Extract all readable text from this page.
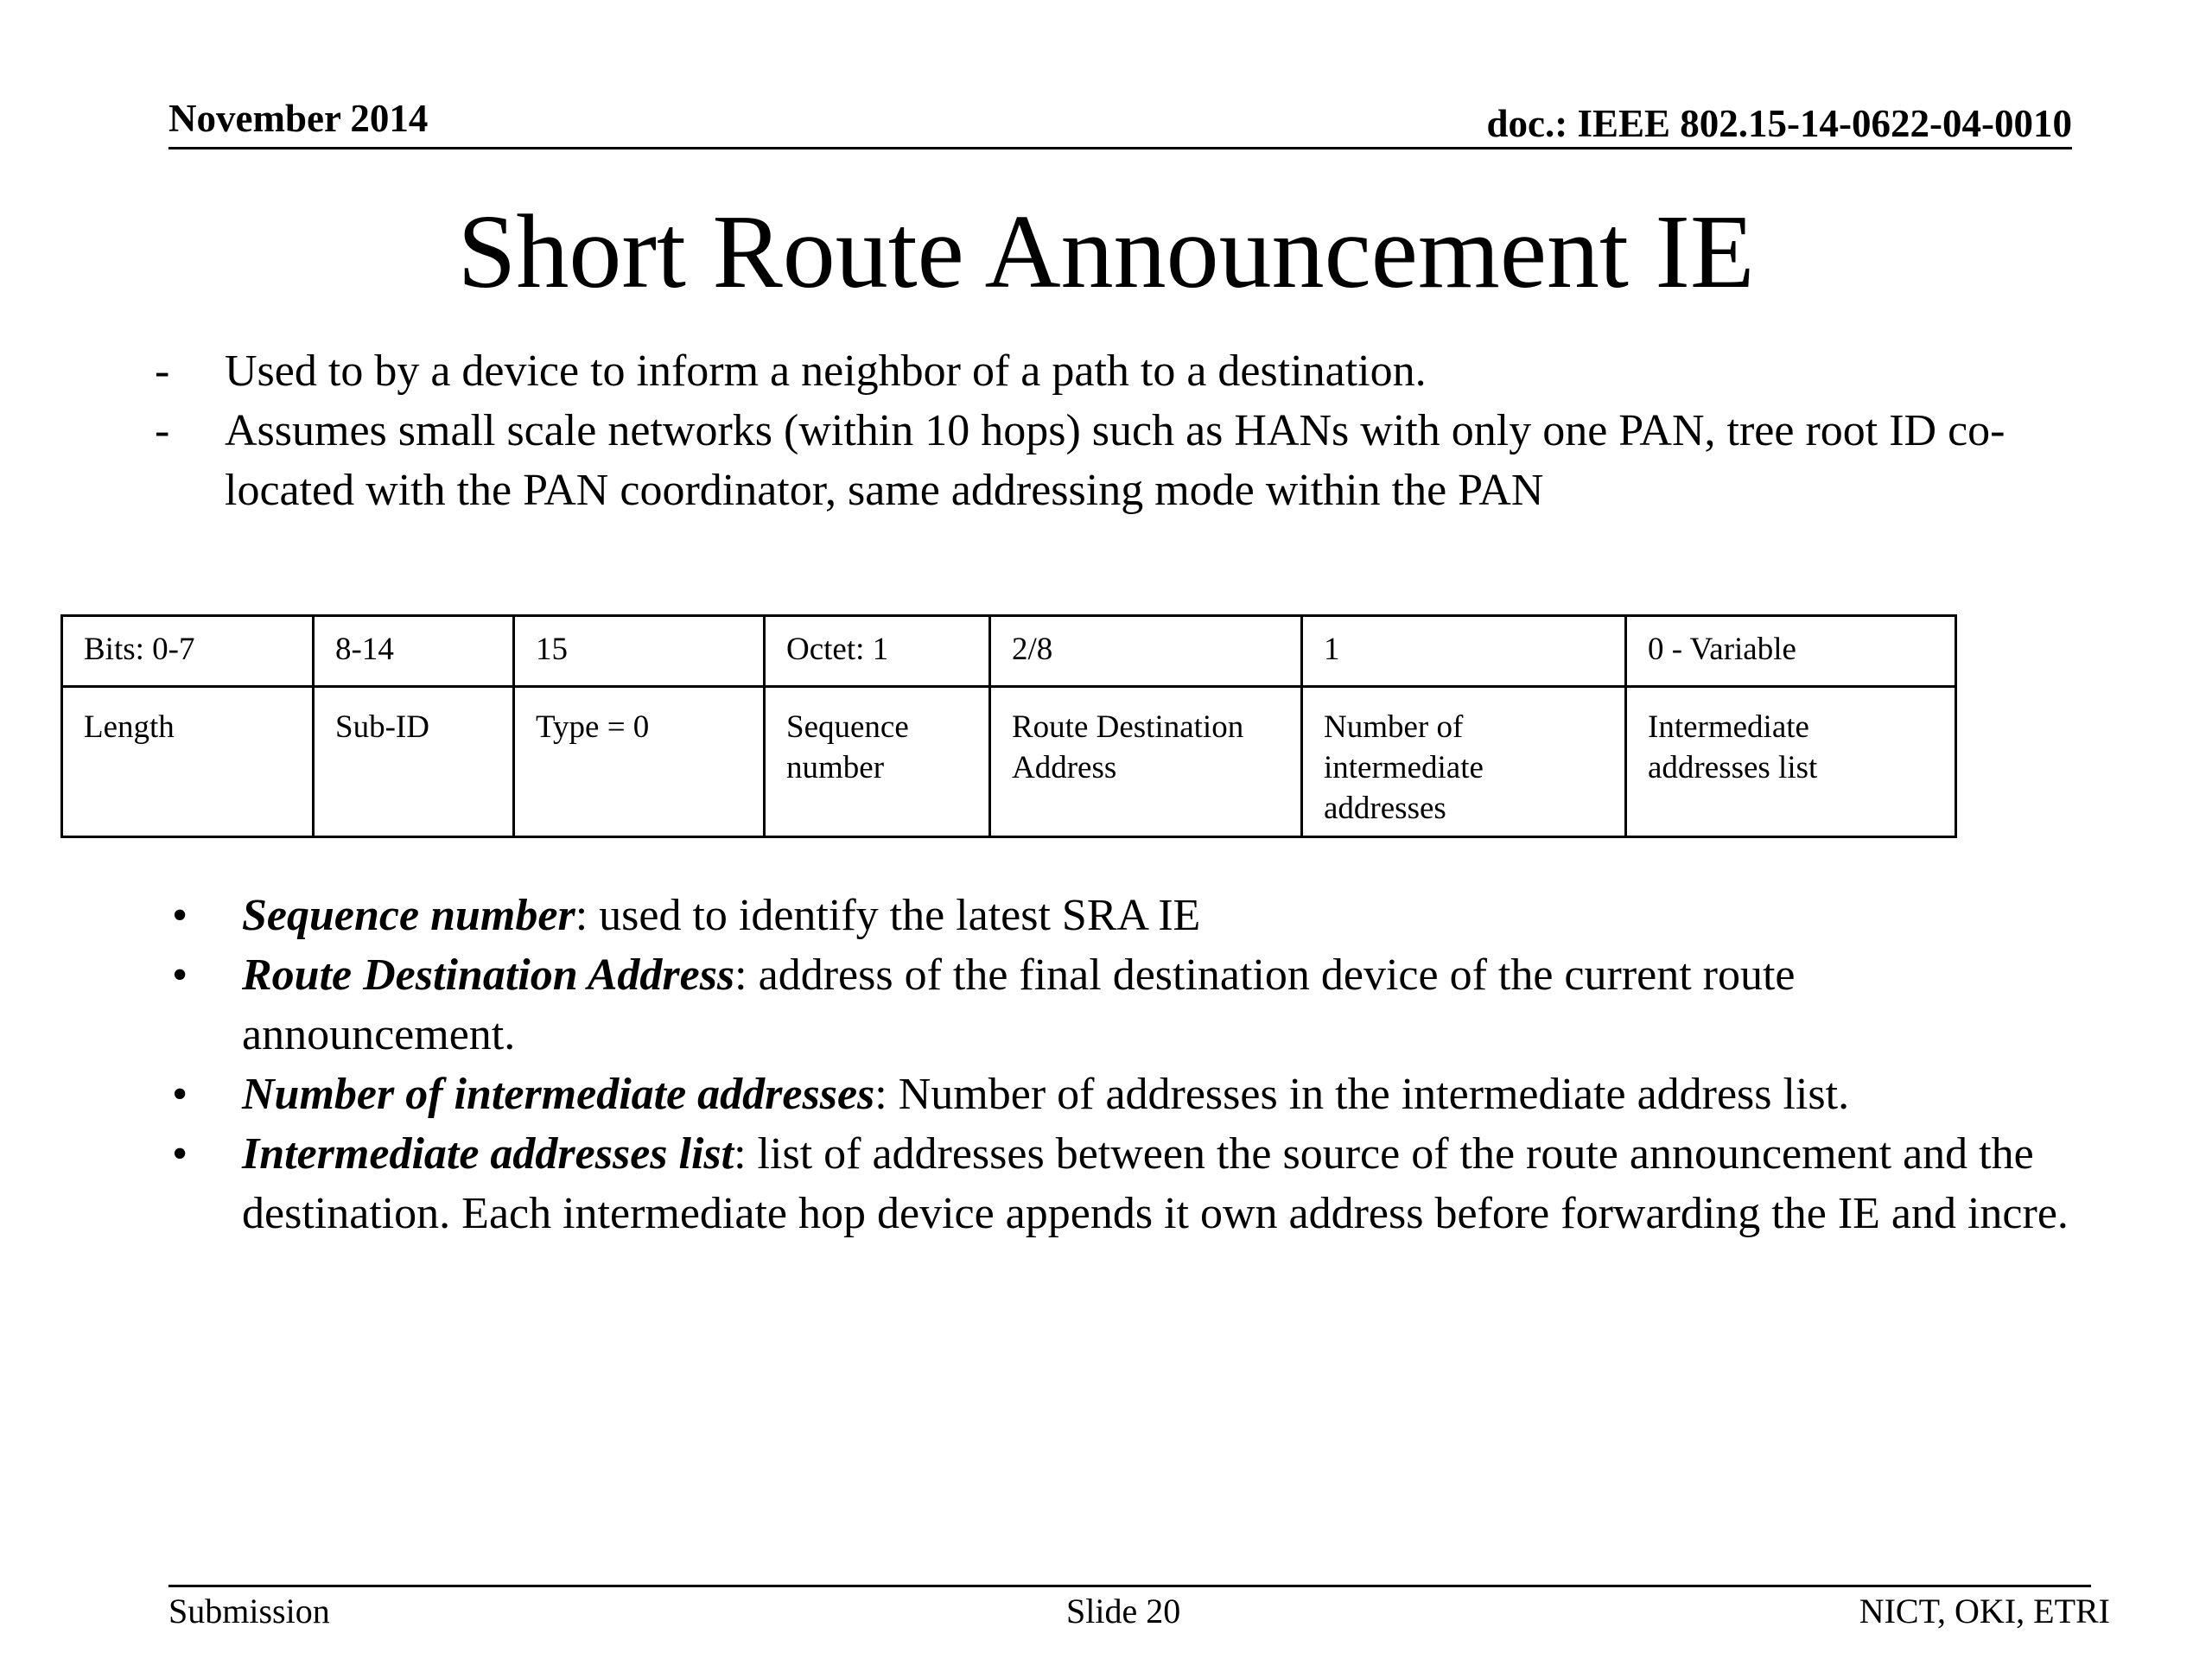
November 2014	doc.: IEEE 802.15-14-0622-04-0010
Short Route Announcement IE
- Used to by a device to inform a neighbor of a path to a destination.
- Assumes small scale networks (within 10 hops) such as HANs with only one PAN, tree root ID co-located with the PAN coordinator, same addressing mode within the PAN
Bits: 0-7	8-14	15	Octet: 1	2/8	1	0 - Variable
Length	Sub-ID	Type = 0	Sequence number	Route Destination Address	Number of intermediate addresses	Intermediate addresses list
• Sequence number: used to identify the latest SRA IE
• Route Destination Address: address of the final destination device of the current route announcement.
• Number of intermediate addresses: Number of addresses in the intermediate address list.
• Intermediate addresses list: list of addresses between the source of the route announcement and the destination. Each intermediate hop device appends it own address before forwarding the IE and incre.
Submission	Slide 20	NICT, OKI, ETRI
